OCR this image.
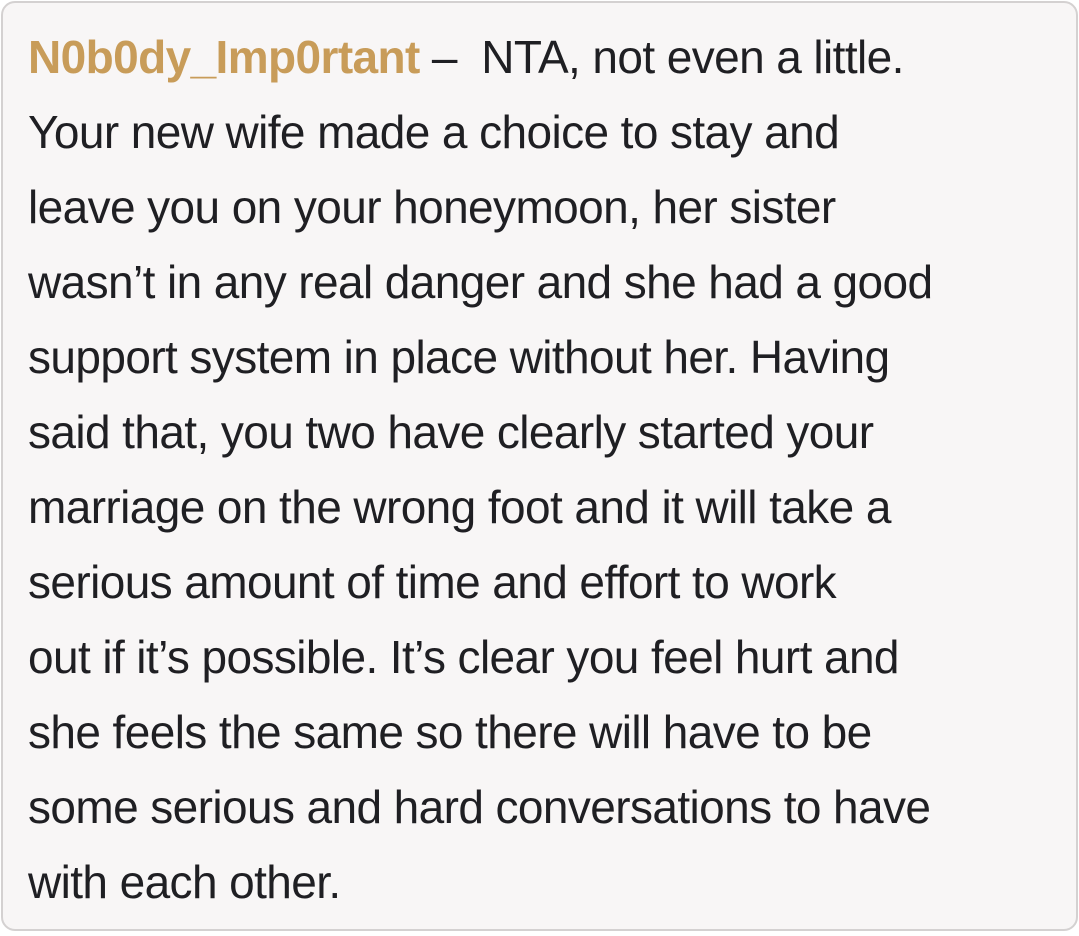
N0b0dy_Imp0rtant –  NTA, not even a little.
Your new wife made a choice to stay and
leave you on your honeymoon, her sister
wasn’t in any real danger and she had a good
support system in place without her. Having
said that, you two have clearly started your
marriage on the wrong foot and it will take a
serious amount of time and effort to work
out if it’s possible. It’s clear you feel hurt and
she feels the same so there will have to be
some serious and hard conversations to have
with each other.
